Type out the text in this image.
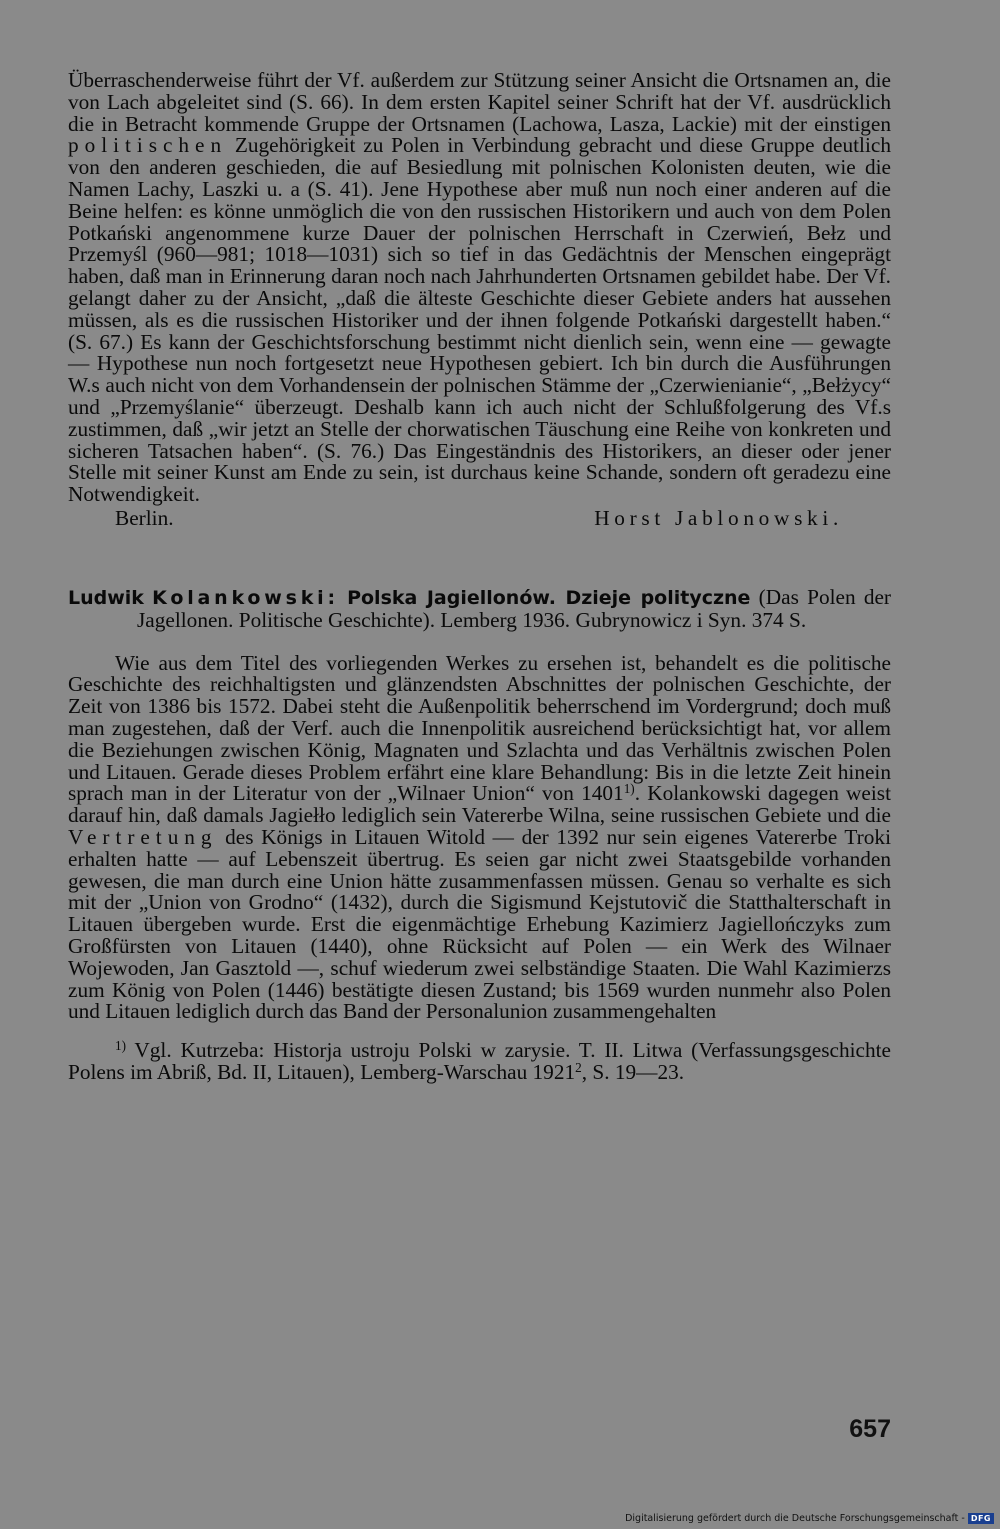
Überraschenderweise führt der Vf. außerdem zur Stützung seiner Ansicht die Ortsnamen an, die von Lach abgeleitet sind (S. 66). In dem ersten Kapitel seiner Schrift hat der Vf. ausdrücklich die in Betracht kommende Gruppe der Ortsnamen (Lachowa, Lasza, Lackie) mit der einstigen politischen Zugehörigkeit zu Polen in Verbindung gebracht und diese Gruppe deutlich von den anderen geschieden, die auf Besiedlung mit polnischen Kolonisten deuten, wie die Namen Lachy, Laszki u. a (S. 41). Jene Hypothese aber muß nun noch einer anderen auf die Beine helfen: es könne unmöglich die von den russischen Historikern und auch von dem Polen Potkański angenommene kurze Dauer der polnischen Herrschaft in Czerwień, Bełz und Przemyśl (960—981; 1018—1031) sich so tief in das Gedächtnis der Menschen eingeprägt haben, daß man in Erinnerung daran noch nach Jahrhunderten Ortsnamen gebildet habe. Der Vf. gelangt daher zu der Ansicht, „daß die älteste Geschichte dieser Gebiete anders hat aussehen müssen, als es die russischen Historiker und der ihnen folgende Potkański dargestellt haben.“ (S. 67.) Es kann der Geschichtsforschung bestimmt nicht dienlich sein, wenn eine — gewagte — Hypothese nun noch fortgesetzt neue Hypothesen gebiert. Ich bin durch die Ausführungen W.s auch nicht von dem Vorhandensein der polnischen Stämme der „Czerwienianie“, „Bełżycy“ und „Przemyślanie“ überzeugt. Deshalb kann ich auch nicht der Schlußfolgerung des Vf.s zustimmen, daß „wir jetzt an Stelle der chorwatischen Täuschung eine Reihe von konkreten und sicheren Tatsachen haben“. (S. 76.) Das Eingeständnis des Historikers, an dieser oder jener Stelle mit seiner Kunst am Ende zu sein, ist durchaus keine Schande, sondern oft geradezu eine Notwendigkeit.

Berlin.	Horst Jablonowski.

Ludwik Kolankowski: Polska Jagiellonów. Dzieje polityczne (Das Polen der Jagellonen. Politische Geschichte). Lemberg 1936. Gubrynowicz i Syn. 374 S.

Wie aus dem Titel des vorliegenden Werkes zu ersehen ist, behandelt es die politische Geschichte des reichhaltigsten und glänzendsten Abschnittes der polnischen Geschichte, der Zeit von 1386 bis 1572. Dabei steht die Außenpolitik beherrschend im Vordergrund; doch muß man zugestehen, daß der Verf. auch die Innenpolitik ausreichend berücksichtigt hat, vor allem die Beziehungen zwischen König, Magnaten und Szlachta und das Verhältnis zwischen Polen und Litauen. Gerade dieses Problem erfährt eine klare Behandlung: Bis in die letzte Zeit hinein sprach man in der Literatur von der „Wilnaer Union“ von 1401$^{1)}$. Kolankowski dagegen weist darauf hin, daß damals Jagiełło lediglich sein Vatererbe Wilna, seine russischen Gebiete und die Vertretung des Königs in Litauen Witold — der 1392 nur sein eigenes Vatererbe Troki erhalten hatte — auf Lebenszeit übertrug. Es seien gar nicht zwei Staatsgebilde vorhanden gewesen, die man durch eine Union hätte zusammenfassen müssen. Genau so verhalte es sich mit der „Union von Grodno“ (1432), durch die Sigismund Kejstutovič die Statthalterschaft in Litauen übergeben wurde. Erst die eigenmächtige Erhebung Kazimierz Jagiellończyks zum Großfürsten von Litauen (1440), ohne Rücksicht auf Polen — ein Werk des Wilnaer Wojewoden, Jan Gasztold —, schuf wiederum zwei selbständige Staaten. Die Wahl Kazimierzs zum König von Polen (1446) bestätigte diesen Zustand; bis 1569 wurden nunmehr also Polen und Litauen lediglich durch das Band der Personalunion zusammengehalten

$^{1)}$ Vgl. Kutrzeba: Historja ustroju Polski w zarysie. T. II. Litwa (Verfassungsgeschichte Polens im Abriß, Bd. II, Litauen), Lemberg-Warschau 1921$^2$, S. 19—23.

657
Digitalisierung gefördert durch die Deutsche Forschungsgemeinschaft - DFG
